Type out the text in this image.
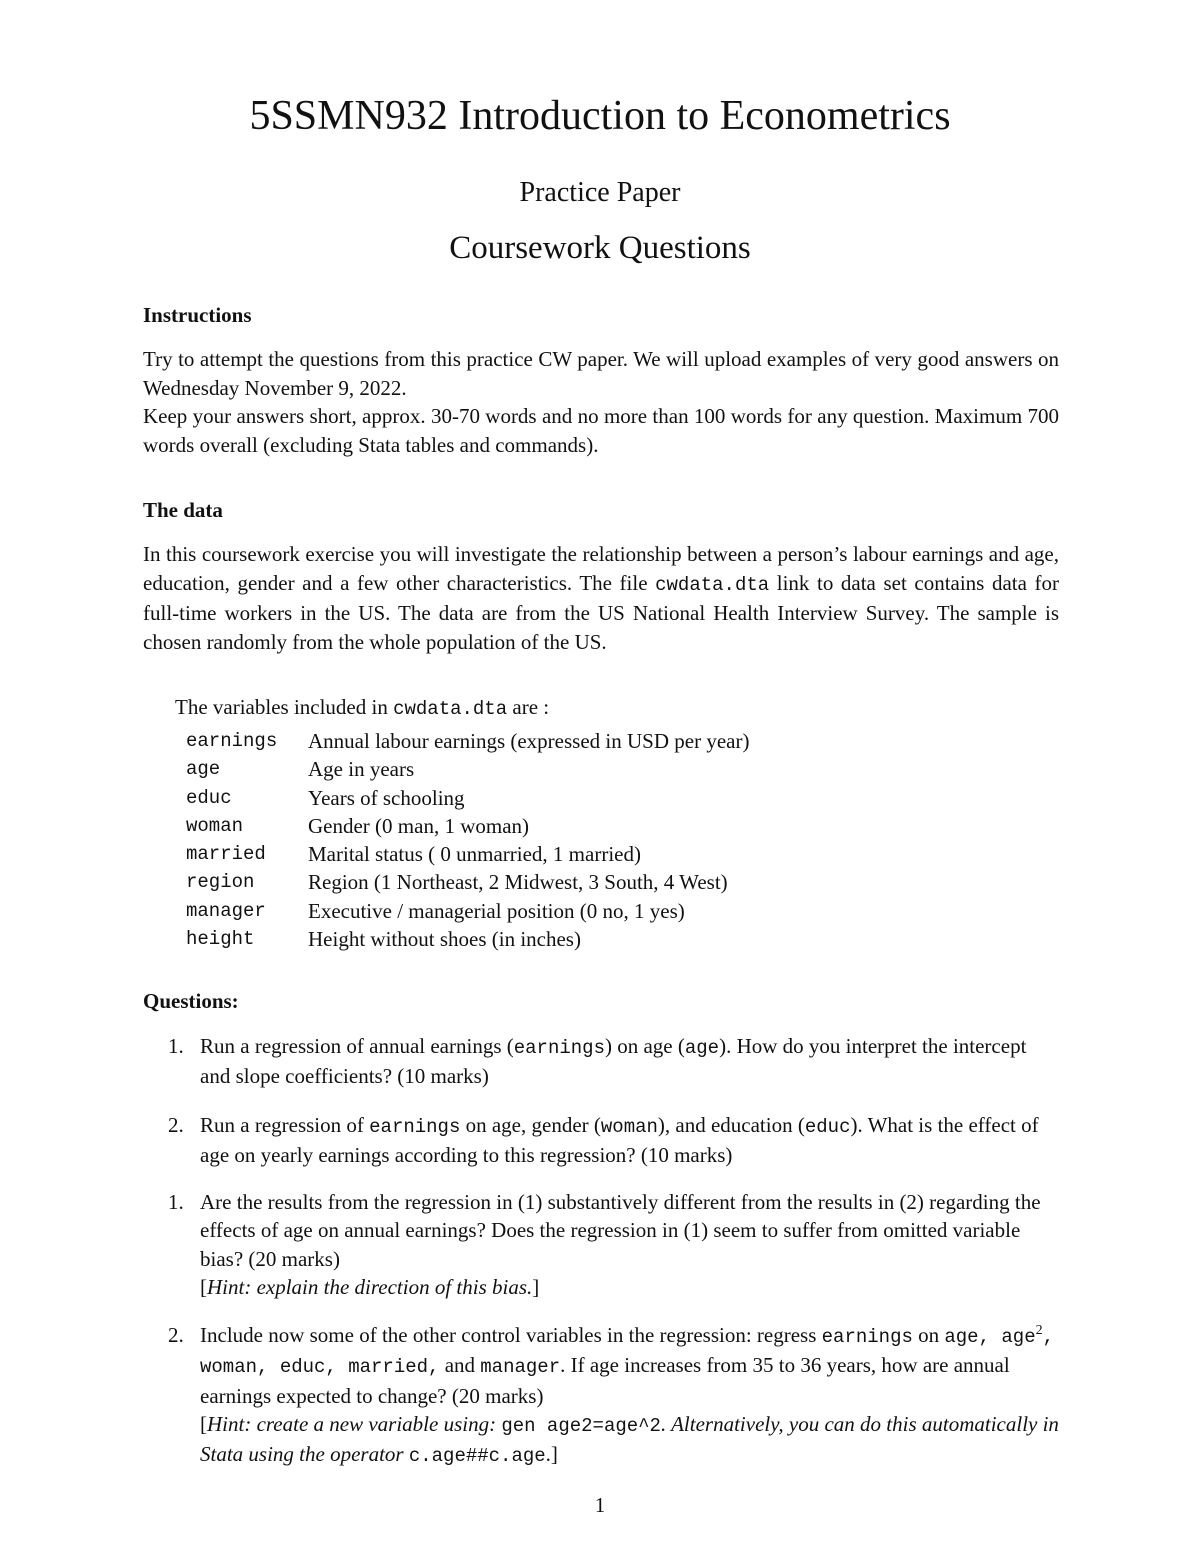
5SSMN932 Introduction to Econometrics
Practice Paper
Coursework Questions
Instructions

Try to attempt the questions from this practice CW paper. We will upload examples of very good answers on Wednesday November 9, 2022.

Keep your answers short, approx. 30-70 words and no more than 100 words for any question. Maximum 700 words overall (excluding Stata tables and commands).

The data

In this coursework exercise you will investigate the relationship between a person’s labour earnings and age, education, gender and a few other characteristics. The file cwdata.dta link to data set contains data for full-time workers in the US. The data are from the US National Health Interview Survey. The sample is chosen randomly from the whole population of the US.

The variables included in cwdata.dta are :
earnings	Annual labour earnings (expressed in USD per year)
age	Age in years
educ	Years of schooling
woman	Gender (0 man, 1 woman)
married	Marital status ( 0 unmarried, 1 married)
region	Region (1 Northeast, 2 Midwest, 3 South, 4 West)
manager	Executive / managerial position (0 no, 1 yes)
height	Height without shoes (in inches)
Questions:
1. Run a regression of annual earnings (earnings) on age (age). How do you interpret the intercept and slope coefficients? (10 marks)
2. Run a regression of earnings on age, gender (woman), and education (educ). What is the effect of age on yearly earnings according to this regression? (10 marks)
1. Are the results from the regression in (1) substantively different from the results in (2) regarding the effects of age on annual earnings? Does the regression in (1) seem to suffer from omitted variable bias? (20 marks)
[Hint: explain the direction of this bias.]
2. Include now some of the other control variables in the regression: regress earnings on age, age$^2$, woman, educ, married, and manager. If age increases from 35 to 36 years, how are annual earnings expected to change? (20 marks)
[Hint: create a new variable using: gen age2=age^2. Alternatively, you can do this automatically in Stata using the operator c.age##c.age.]
1
